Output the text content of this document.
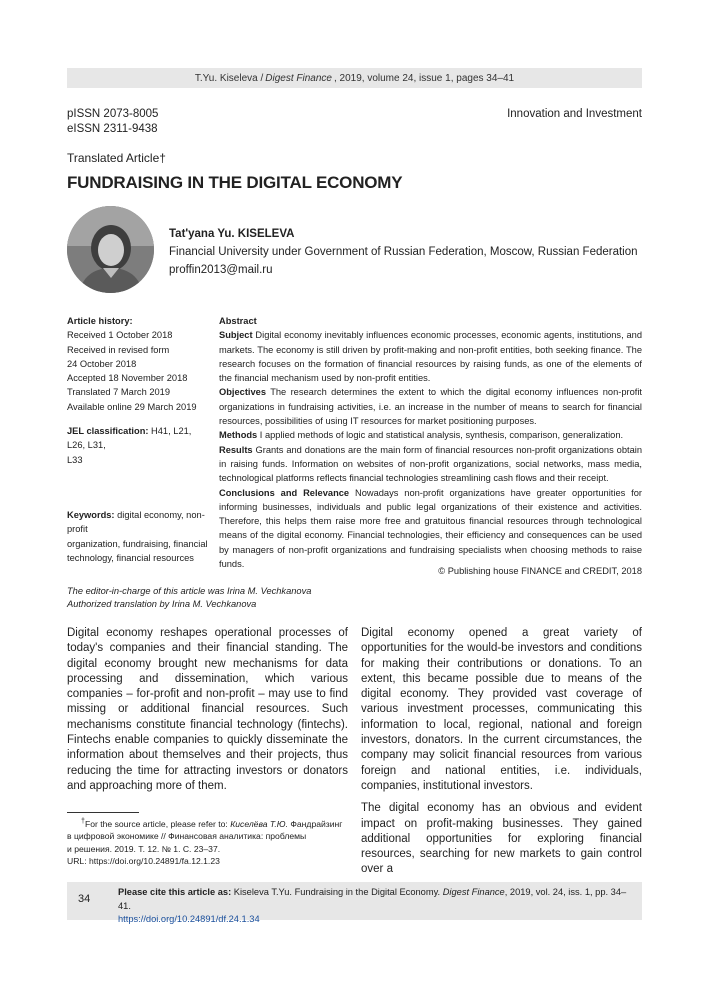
T.Yu. Kiseleva / Digest Finance , 2019, volume 24, issue 1, pages 34–41
pISSN 2073-8005
eISSN 2311-9438
Innovation and Investment
Translated Article†
FUNDRAISING IN THE DIGITAL ECONOMY
Tat'yana Yu. KISELEVA
Financial University under Government of Russian Federation, Moscow, Russian Federation
proffin2013@mail.ru
Article history:
Received 1 October 2018
Received in revised form
24 October 2018
Accepted 18 November 2018
Translated 7 March 2019
Available online 29 March 2019
JEL classification: H41, L21, L26, L31,
L33
Keywords: digital economy, non-profit
organization, fundraising, financial
technology, financial resources

Abstract

Subject Digital economy inevitably influences economic processes, economic agents, institutions, and markets. The economy is still driven by profit-making and non-profit entities, both seeking finance. The research focuses on the formation of financial resources by raising funds, as one of the elements of the financial mechanism used by non-profit entities.

Objectives The research determines the extent to which the digital economy influences non-profit organizations in fundraising activities, i.e. an increase in the number of means to search for financial resources, possibilities of using IT resources for market positioning purposes.

Methods I applied methods of logic and statistical analysis, synthesis, comparison, generalization.

Results Grants and donations are the main form of financial resources non-profit organizations obtain in raising funds. Information on websites of non-profit organizations, social networks, mass media, technological platforms reflects financial technologies streamlining cash flows and their receipt.

Conclusions and Relevance Nowadays non-profit organizations have greater opportunities for informing businesses, individuals and public legal organizations of their existence and activities. Therefore, this helps them raise more free and gratuitous financial resources through technological means of the digital economy. Financial technologies, their efficiency and consequences can be used by managers of non-profit organizations and fundraising specialists when choosing methods to raise funds.

© Publishing house FINANCE and CREDIT, 2018
The editor-in-charge of this article was Irina M. Vechkanova
Authorized translation by Irina M. Vechkanova

Digital economy reshapes operational processes of today's companies and their financial standing. The digital economy brought new mechanisms for data processing and dissemination, which various companies – for-profit and non-profit – may use to find missing or additional financial resources. Such mechanisms constitute financial technology (fintechs). Fintechs enable companies to quickly disseminate the information about themselves and their projects, thus reducing the time for attracting investors or donators and approaching more of them.

Digital economy opened a great variety of opportunities for the would-be investors and conditions for making their contributions or donations. To an extent, this became possible due to means of the digital economy. They provided vast coverage of various investment processes, communicating this information to local, regional, national and foreign investors, donators. In the current circumstances, the company may solicit financial resources from various foreign and national entities, i.e. individuals, companies, institutional investors.

The digital economy has an obvious and evident impact on profit-making businesses. They gained additional opportunities for exploring financial resources, searching for new markets to gain control over a

†For the source article, please refer to: Киселёва Т.Ю. Фандрайзинг
в цифровой экономике // Финансовая аналитика: проблемы
и решения. 2019. Т. 12. № 1. С. 23–37.
URL: https://doi.org/10.24891/fa.12.1.23
34
Please cite this article as: Kiseleva T.Yu. Fundraising in the Digital Economy. Digest Finance, 2019, vol. 24, iss. 1, pp. 34–41.
https://doi.org/10.24891/df.24.1.34
